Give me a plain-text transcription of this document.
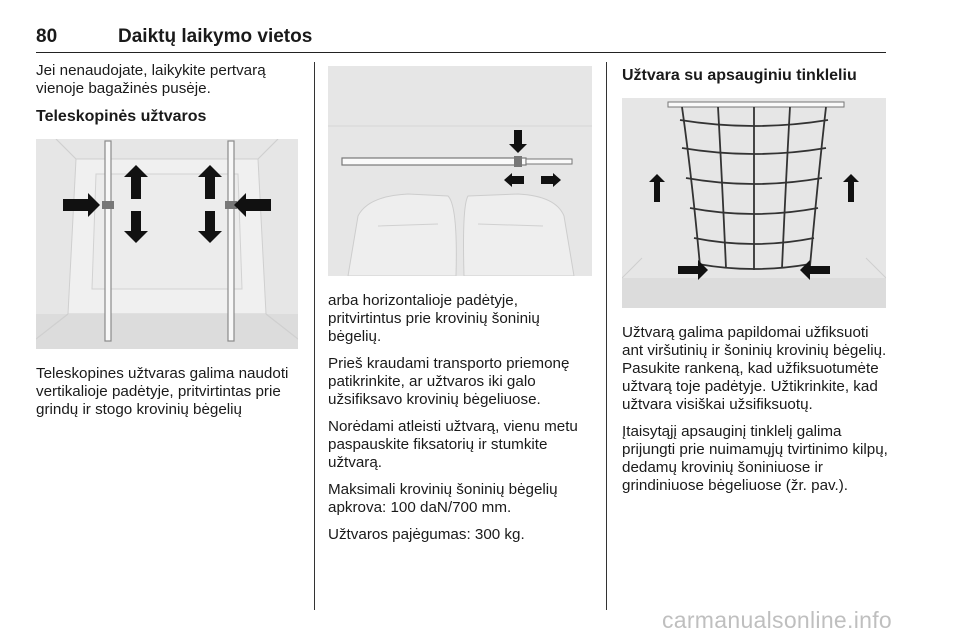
80	Daiktų laikymo vietos

Jei nenaudojate, laikykite pertvarą vienoje bagažinės pusėje.

Teleskopinės užtvaros

Teleskopines užtvaras galima naudoti vertikalioje padėtyje, pritvirtintas prie grindų ir stogo krovinių bėgelių

arba horizontalioje padėtyje, pritvirtintus prie krovinių šoninių bėgelių.

Prieš kraudami transporto priemonę patikrinkite, ar užtvaros iki galo užsifiksavo krovinių bėgeliuose.

Norėdami atleisti užtvarą, vienu metu paspauskite fiksatorių ir stumkite užtvarą.

Maksimali krovinių šoninių bėgelių apkrova: 100 daN/700 mm.

Užtvaros pajėgumas: 300 kg.

Užtvara su apsauginiu tinkleliu

Užtvarą galima papildomai užfiksuoti ant viršutinių ir šoninių krovinių bėgelių. Pasukite rankeną, kad užfiksuotumėte užtvarą toje padėtyje. Užtikrinkite, kad užtvara visiškai užsifiksuotų.

Įtaisytąjį apsauginį tinklelį galima prijungti prie nuimamųjų tvirtinimo kilpų, dedamų krovinių šoniniuose ir grindiniuose bėgeliuose (žr. pav.).

carmanualsonline.info
